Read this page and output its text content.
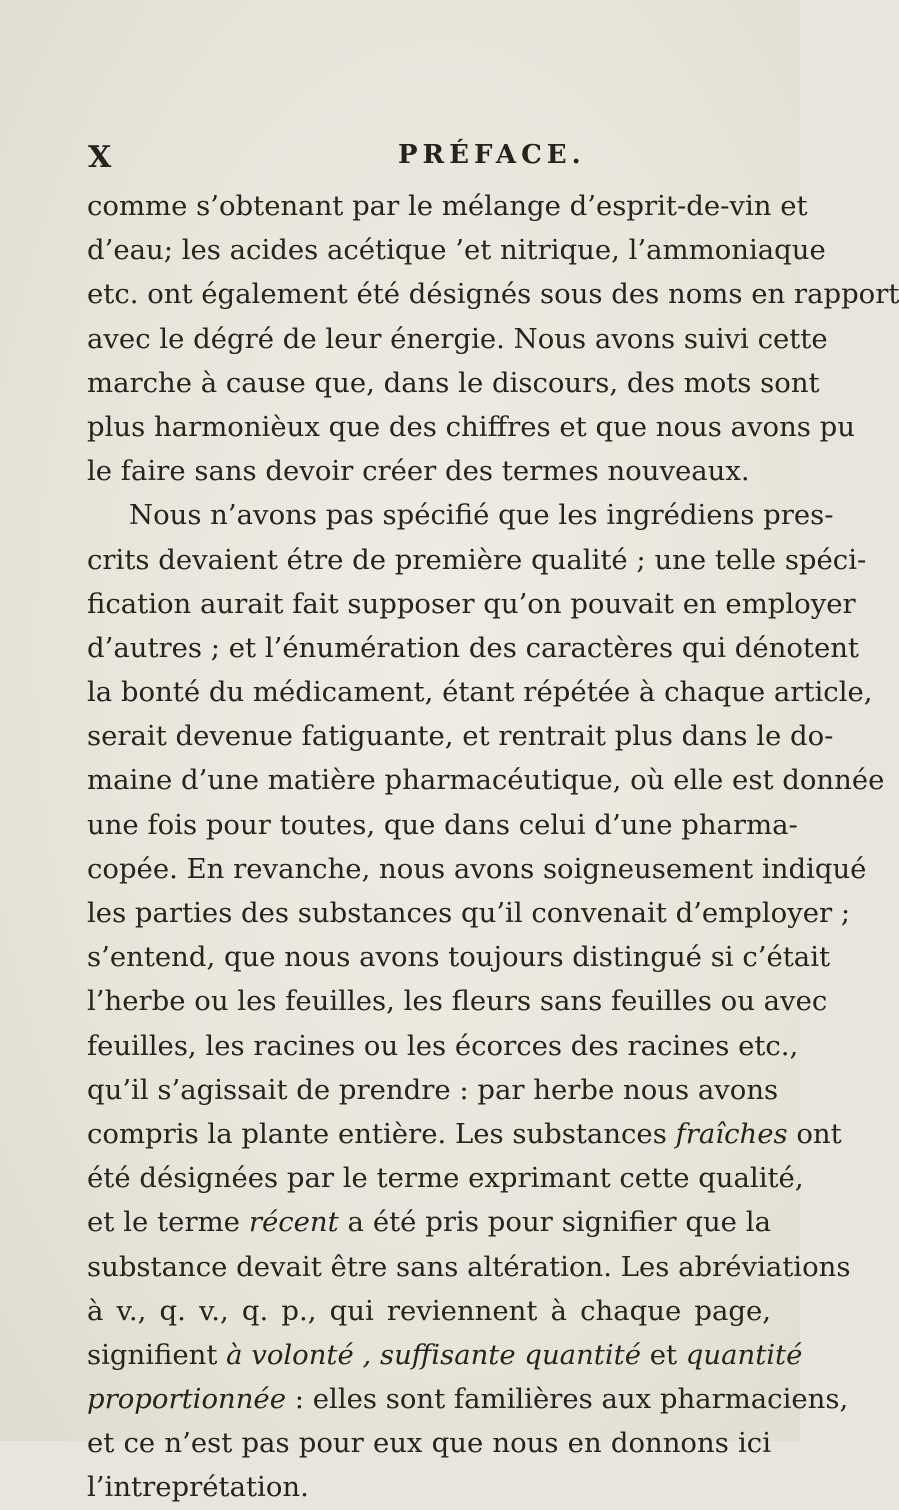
X	PRÉFACE.
comme s’obtenant par le mélange d’esprit-de-vin et
d’eau; les acides acétique ’et nitrique, l’ammoniaque
etc. ont également été désignés sous des noms en rapport
avec le dégré de leur énergie. Nous avons suivi cette
marche à cause que, dans le discours, des mots sont
plus harmonièux que des chiffres et que nous avons pu
le faire sans devoir créer des termes nouveaux.
Nous n’avons pas spécifié que les ingrédiens pres-
crits devaient étre de première qualité ; une telle spéci-
fication aurait fait supposer qu’on pouvait en employer
d’autres ; et l’énumération des caractères qui dénotent
la bonté du médicament, étant répétée à chaque article,
serait devenue fatiguante, et rentrait plus dans le do-
maine d’une matière pharmacéutique, où elle est donnée
une fois pour toutes, que dans celui d’une pharma-
copée. En revanche, nous avons soigneusement indiqué
les parties des substances qu’il convenait d’employer ;
s’entend, que nous avons toujours distingué si c’était
l’herbe ou les feuilles, les fleurs sans feuilles ou avec
feuilles, les racines ou les écorces des racines etc.,
qu’il s’agissait de prendre : par herbe nous avons
compris la plante entière. Les substances fraîches ont
été désignées par le terme exprimant cette qualité,
et le terme récent a été pris pour signifier que la
substance devait être sans altération. Les abréviations
à v., q. v., q. p., qui reviennent à chaque page,
signifient à volonté , suffisante quantité et quantité
proportionnée : elles sont familières aux pharmaciens,
et ce n’est pas pour eux que nous en donnons ici
l’intreprétation.
